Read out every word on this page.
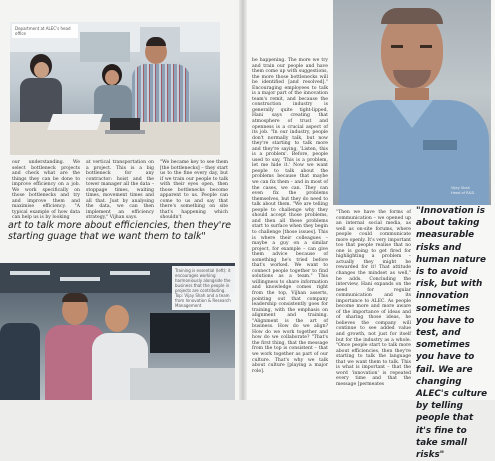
Department at ALEC's head office
our understanding. We select bottleneck projects and check what are the things they can be done to improve efficiency on a job. We work specifically on those bottlenecks and try and improve them and maximise efficiency. "A typical example of how data can help us is by looking
at vertical transportation on a project. This is a big bottleneck for any contractor: hoist and the tower manager all the data – stoppage times, waiting times, movement times and all that. Just by analysing the data, we can then implement an efficiency strategy," Vijhan says.
"We became key to see them [the bottlenecks] – they start us to the fine every day, but if we train our people to talk with their eyes open, then those bottlenecks become apparent to us. People can come to us and say that there's something on site that's happening which shouldn't
art to talk more about efficiencies, then they're starting guage that we want them to talk"
Training is essential (left): it encourages working harmoniously alongside the business that the people in projects are contributing. Top: Vijay Shah and a team from Innovation & Research Management
be happening. The more we try and train our people and have them come up with suggestions, the more those bottlenecks will be identified [and resolved]." Encouraging employees to talk is a major part of the innovation team's remit, and because the construction industry is generally quite tight-lipped, Hani says creating that atmosphere of trust and openness is a crucial aspect of its job. "In our industry, people don't normally talk, but now they're starting to talk more and they're saying, 'Listen, this is a problem'. Before, people used to say, 'This is a problem, let me hide it.' Now we want people to talk about the problems because that maybe we can fix them – and in most of the cases, we can. They can even fix the problems themselves, but they do need to talk about them. "We are telling people to challenge why they should accept those problems, and then all these problems start to surface when they begin to challenge [those issues]. This is where their colleagues – maybe a guy on a similar project, for example – can give them advice because of something he's tried before that's worked. We want to connect people together to find solutions as a team." This willingness to share information and knowledge comes right from the top, Vijhan asserts, pointing out that company leadership consistently goes for training, with the emphasis on alignment and training. "Alignment is the art of business. How do we align? How do we work together and how do we collaborate? "That's the first thing, that the message from the top is consistent – that we work together as part of our culture. That's why we talk about culture [playing a major role].
Vijay Shah
Head of R&D
"Then we have the forms of communication – we opened up an internal social media, as well as on-site forums, where people could communicate more openly. It's very important too that people realise that no one is going to get fired for highlighting a problem – actually they might be rewarded for it! That attitude changes the mindset as well," he adds. Concluding the interview, Hani expands on the need for regular communication and its importance to ALEC. As people become more and more aware of the importance of ideas and of sharing those ideas, he believes the company will continue to see added value and growth, not just for itself but for the industry as a whole. "Once people start to talk more about efficiencies, then they're starting to talk the language that we want them to talk. This is what is important – that the word 'innovation' is repeated every time and that the message [permeates
"Innovation is about taking measurable risks and human nature is to avoid risk, but with innovation sometimes you have to test, and sometimes you have to fail. We are changing ALEC's culture by telling people that it's fine to take small risks"
